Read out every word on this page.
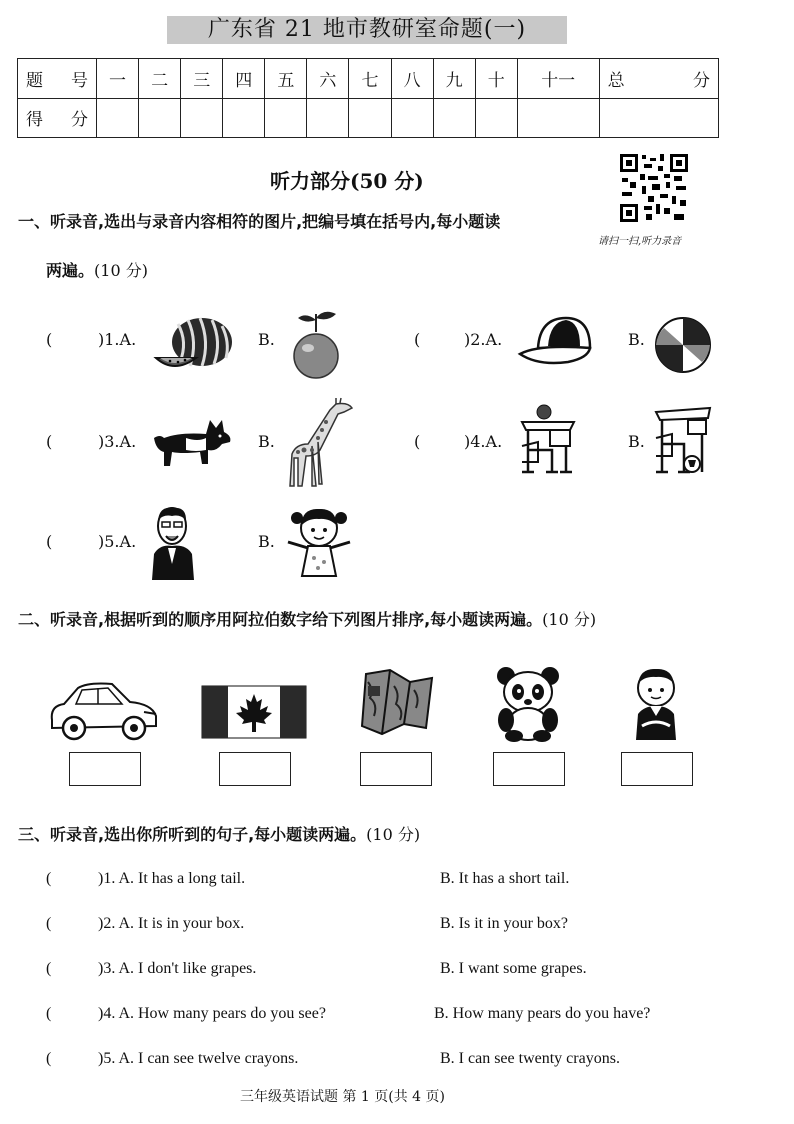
广东省 21 地市教研室命题(一)
题 号	一	二	三	四	五	六	七	八	九	十	十一	总 分

得 分												

听力部分(50 分)
请扫一扫,听力录音
一、听录音,选出与录音内容相符的图片,把编号填在括号内,每小题读
两遍。(10 分)
(	)1.A.	B.	(	)2.A.	B.
(	)3.A.	B.	(	)4.A.	B.
(	)5.A.	B.
二、听录音,根据听到的顺序用阿拉伯数字给下列图片排序,每小题读两遍。(10 分)
三、听录音,选出你所听到的句子,每小题读两遍。(10 分)
(	)1. A. It has a long tail.	B. It has a short tail.
(	)2. A. It is in your box.	B. Is it in your box?
(	)3. A. I don't like grapes.	B. I want some grapes.
(	)4. A. How many pears do you see?	B. How many pears do you have?
(	)5. A. I can see twelve crayons.	B. I can see twenty crayons.
三年级英语试题 第 1 页(共 4 页)
